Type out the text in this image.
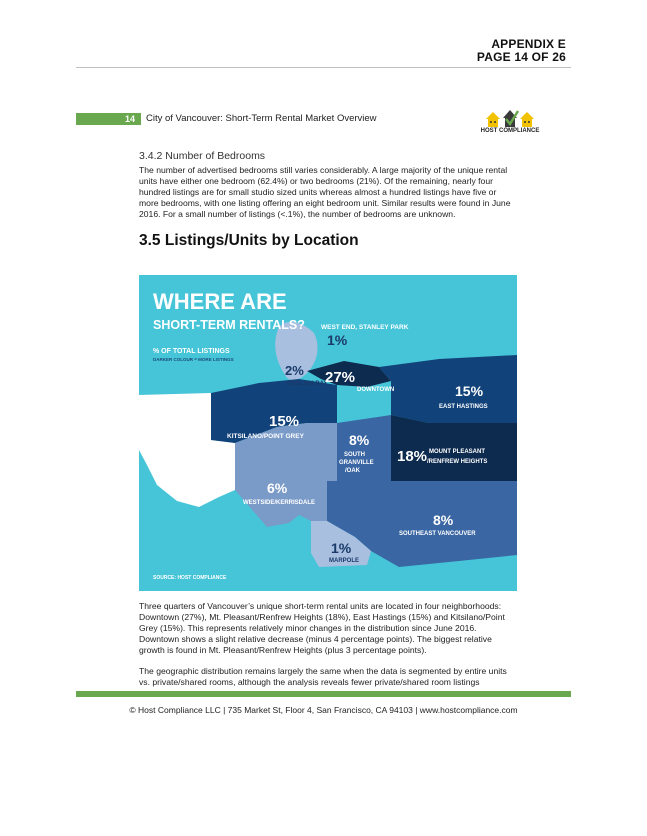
APPENDIX E
PAGE 14 OF 26
14	City of Vancouver: Short-Term Rental Market Overview
HOST COMPLIANCE
3.4.2 Number of Bedrooms
The number of advertised bedrooms still varies considerably. A large majority of the unique rental units have either one bedroom (62.4%) or two bedrooms (21%). Of the remaining, nearly four hundred listings are for small studio sized units whereas almost a hundred listings have five or more bedrooms, with one listing offering an eight bedroom unit. Similar results were found in June 2016. For a small number of listings (<.1%), the number of bedrooms are unknown.
3.5 Listings/Units by Location
WHERE ARE
SHORT-TERM RENTALS?
% OF TOTAL LISTINGS
DARKER COLOUR = MORE LISTINGS
SOURCE: HOST COMPLIANCE
WEST END, STANLEY PARK
1%
2%
ENGLISH BAY
27%
DOWNTOWN	15%
EAST HASTINGS
15%
KITSILANO/POINT GREY	8%
SOUTH
GRANVILLE
/OAK
18% MOUNT PLEASANT
/RENFREW HEIGHTS
6%
WESTSIDE/KERRISDALE
8%
SOUTHEAST VANCOUVER
1%
MARPOLE
Three quarters of Vancouver’s unique short-term rental units are located in four neighborhoods: Downtown (27%), Mt. Pleasant/Renfrew Heights (18%), East Hastings (15%) and Kitsilano/Point Grey (15%). This represents relatively minor changes in the distribution since June 2016. Downtown shows a slight relative decrease (minus 4 percentage points). The biggest relative growth is found in Mt. Pleasant/Renfrew Heights (plus 3 percentage points).
The geographic distribution remains largely the same when the data is segmented by entire units vs. private/shared rooms, although the analysis reveals fewer private/shared room listings
© Host Compliance LLC | 735 Market St, Floor 4, San Francisco, CA 94103 | www.hostcompliance.com
